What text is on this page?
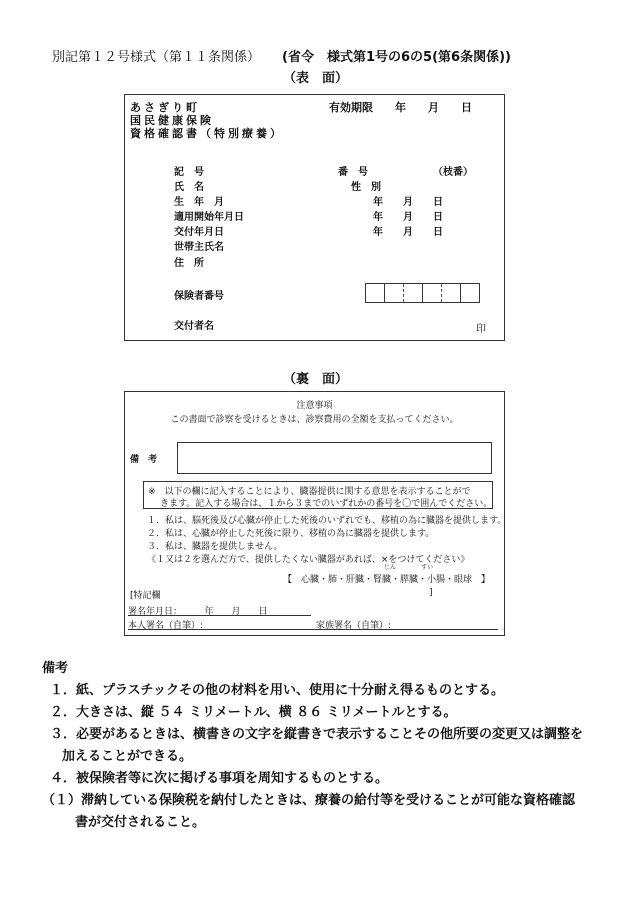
別記第１２号様式（第１１条関係） (省令　様式第1号の6の5(第6条関係))
（表　面）
あさぎり町
国民健康保険
資格確認書（特別療養）
有効期限　　年　　月　　日
記　号	番　号	（枝番）
氏　名	性　別
生　年　月	年　　月　　日
適用開始年月日	年　　月　　日
交付年月日	年　　月　　日
世帯主氏名
住　所
保険者番号
交付者名	印
（裏　面）
注意事項
この書面で診察を受けるときは、診察費用の全額を支払ってください。
備　考
※　以下の欄に記入することにより、臓器提供に関する意思を表示することがで
きます。記入する場合は、１から３までのいずれかの番号を〇で囲んでください。
１．私は、脳死後及び心臓が停止した死後のいずれでも、移植の為に臓器を提供します。
２．私は、心臓が停止した死後に限り、移植の為に臓器を提供します。
３．私は、臓器を提供しません。
《１又は２を選んだ方で、提供したくない臓器があれば、×をつけてください》
じん	すい
【　心臓・肺・肝臓・腎臓・膵臓・小腸・眼球　】
[特記欄	]
署名年月日：　　　年　　月　　日
本人署名（自筆）:	家族署名（自筆）:
備考
１．紙、プラスチックその他の材料を用い、使用に十分耐え得るものとする。
２．大きさは、縦 ５４ ミリメートル、横 ８６ ミリメートルとする。
３．必要があるときは、横書きの文字を縦書きで表示することその他所要の変更又は調整を
加えることができる。
４．被保険者等に次に掲げる事項を周知するものとする。
（１）滞納している保険税を納付したときは、療養の給付等を受けることが可能な資格確認
書が交付されること。
